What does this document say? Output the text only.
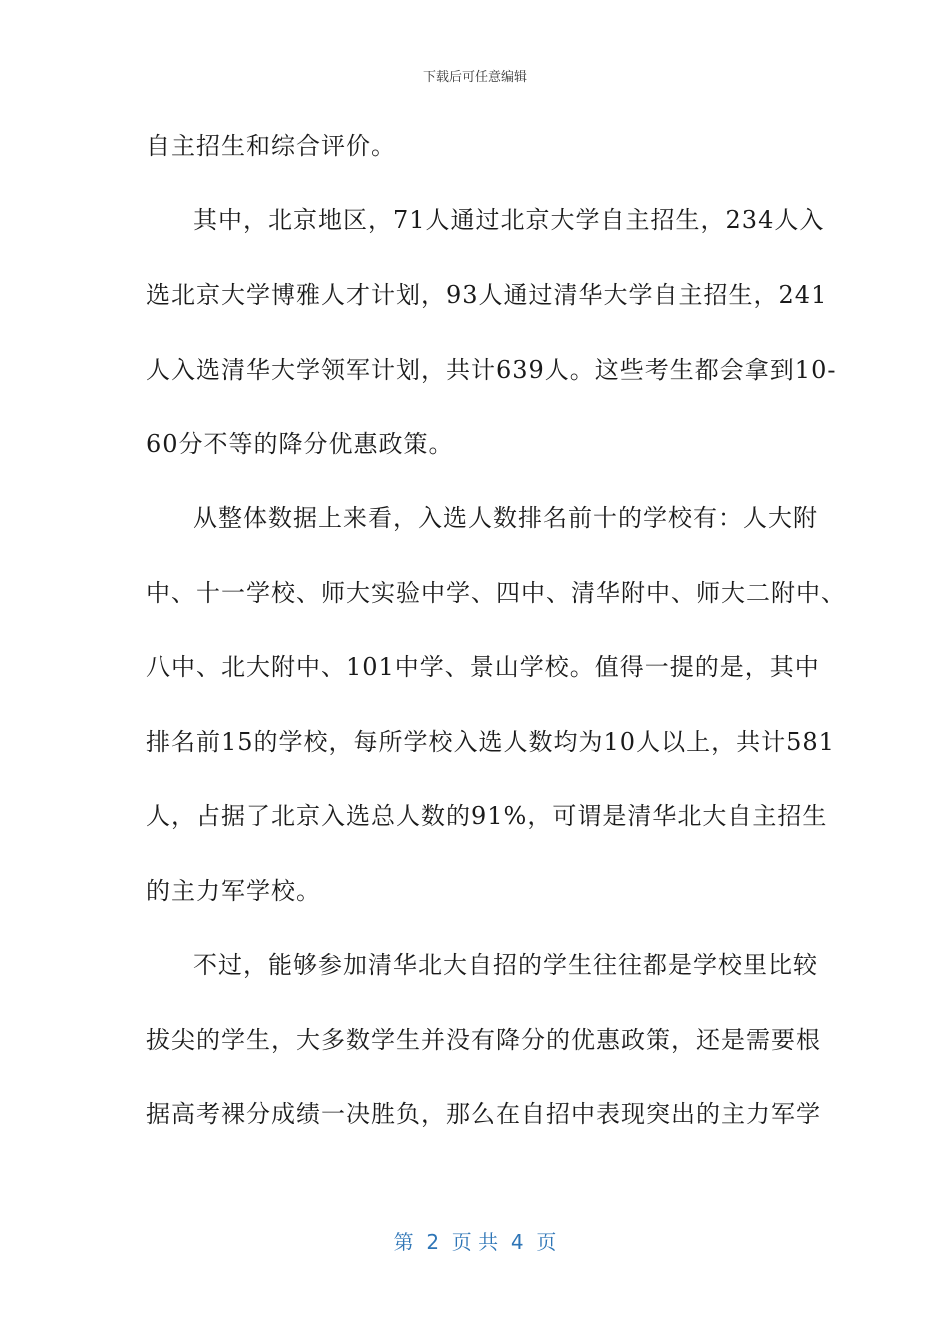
下载后可任意编辑
自主招生和综合评价。
其中，北京地区，71人通过北京大学自主招生，234人入
选北京大学博雅人才计划，93人通过清华大学自主招生，241
人入选清华大学领军计划，共计639人。这些考生都会拿到10-
60分不等的降分优惠政策。
从整体数据上来看，入选人数排名前十的学校有：人大附
中、十一学校、师大实验中学、四中、清华附中、师大二附中、
八中、北大附中、101中学、景山学校。值得一提的是，其中
排名前15的学校，每所学校入选人数均为10人以上，共计581
人，占据了北京入选总人数的91%，可谓是清华北大自主招生
的主力军学校。
不过，能够参加清华北大自招的学生往往都是学校里比较
拔尖的学生，大多数学生并没有降分的优惠政策，还是需要根
据高考裸分成绩一决胜负，那么在自招中表现突出的主力军学
第  2  页 共  4  页
